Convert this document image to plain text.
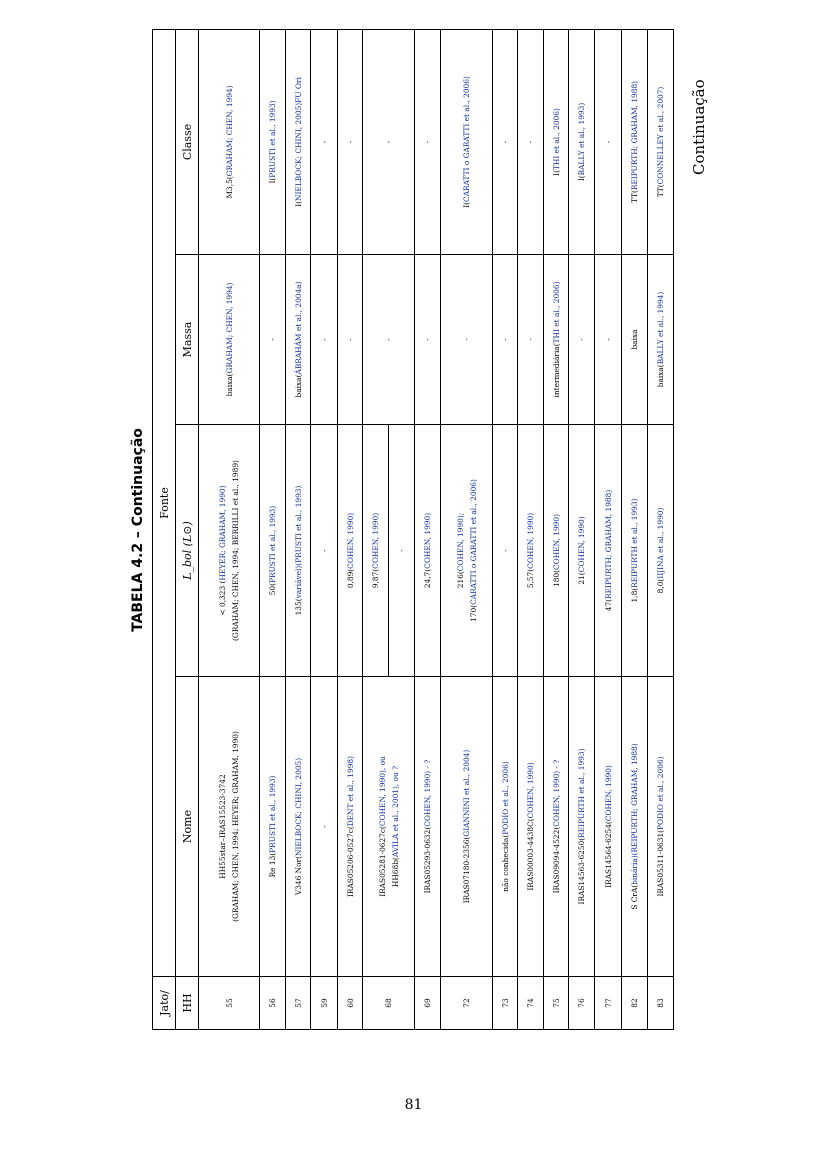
TABELA 4.2 – Continuação
Jato/	Fonte			
HH	Nome	L_bol (L⊙)	Massa	Classe

55	HH55star–IRAS15523-3742 (GRAHAM; CHEN, 1994; HEYER; GRAHAM, 1990)	< 0,323 (HEYER; GRAHAM, 1990) (GRAHAM; CHEN, 1994; BERRILLI et al., 1989)	baixa(GRAHAM; CHEN, 1994)	M3,5(GRAHAM; CHEN, 1994)

56	Re 13(PRUSTI et al., 1993)	50(PRUSTI et al., 1993)	-	I(PRUSTI et al., 1993)

57	V346 Nor(NIELBOCK; CHINI, 2005)	135(variável)(PRUSTI et al., 1993)	baixa(ÁBRAHÁM et al., 2004a)	I(NIELBOCK; CHINI, 2005)FU Ori

59	-	-	-	-

60	IRAS05206-0527c(DENT et al., 1998)	0,89(COHEN, 1990)	-	-

68	IRAS05281-0627c(COHEN, 1990), ou
HH68b(AVILA et al., 2001), ou ?	9,87(COHEN, 1990) -	-	-

69	IRAS05293-0632(COHEN, 1990) - ?	24,7(COHEN, 1990)	-	-

72	IRAS07180-2356(GIANNINI et al., 2004)	216(COHEN, 1990);
170(CARATTI o GARATTI et al., 2006)	-	I(CARATTI o GARATTI et al., 2006)

73	não conhecida(PODIO et al., 2006)	-	-	-

74	IRAS00003-4438C(COHEN, 1990)	5,57(COHEN, 1990)	-	-

75	IRAS09094-4522(COHEN, 1990) - ?	180(COHEN, 1990)	intermediária(THI et al., 2006)	I(THI et al., 2006)

76	IRAS14563-6250(REIPURTH et al., 1993)	21(COHEN, 1990)	-	I(BALLY et al., 1993)

77	IRAS14564-6254(COHEN, 1990)	47(REIPURTH; GRAHAM, 1988)	-	-

82	S CrA(binária)(REIPURTH; GRAHAM, 1988)	1,8(REIPURTH et al., 1993)	baixa	TT(REIPURTH; GRAHAM, 1988)

83	IRAS05311-0631(PODIO et al., 2006)	8,0(IIJINA et al., 1990)	baixa(BALLY et al., 1994)	TT(CONNELLEY et al., 2007) Continuação
81
